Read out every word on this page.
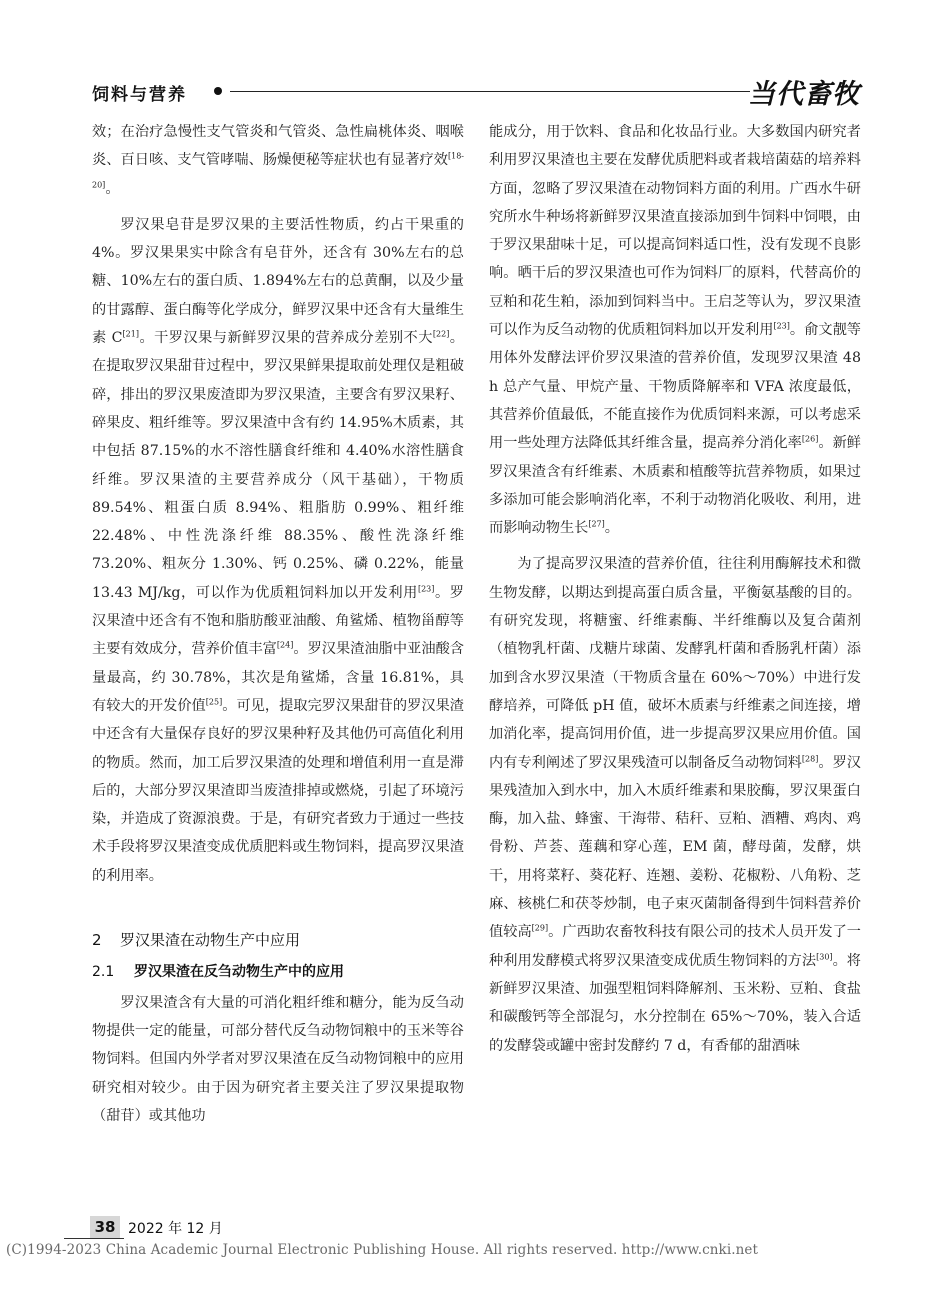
饲料与营养	当代畜牧

效；在治疗急慢性支气管炎和气管炎、急性扁桃体炎、咽喉炎、百日咳、支气管哮喘、肠燥便秘等症状也有显著疗效[18-20]。

罗汉果皂苷是罗汉果的主要活性物质，约占干果重的 4%。罗汉果果实中除含有皂苷外，还含有 30%左右的总糖、10%左右的蛋白质、1.894%左右的总黄酮，以及少量的甘露醇、蛋白酶等化学成分，鲜罗汉果中还含有大量维生素 C[21]。干罗汉果与新鲜罗汉果的营养成分差别不大[22]。在提取罗汉果甜苷过程中，罗汉果鲜果提取前处理仅是粗破碎，排出的罗汉果废渣即为罗汉果渣，主要含有罗汉果籽、碎果皮、粗纤维等。罗汉果渣中含有约 14.95%木质素，其中包括 87.15%的水不溶性膳食纤维和 4.40%水溶性膳食纤维。罗汉果渣的主要营养成分（风干基础），干物质 89.54%、粗蛋白质 8.94%、粗脂肪 0.99%、粗纤维 22.48%、中性洗涤纤维 88.35%、酸性洗涤纤维 73.20%、粗灰分 1.30%、钙 0.25%、磷 0.22%，能量 13.43 MJ/kg，可以作为优质粗饲料加以开发利用[23]。罗汉果渣中还含有不饱和脂肪酸亚油酸、角鲨烯、植物甾醇等主要有效成分，营养价值丰富[24]。罗汉果渣油脂中亚油酸含量最高，约 30.78%，其次是角鲨烯，含量 16.81%，具有较大的开发价值[25]。可见，提取完罗汉果甜苷的罗汉果渣中还含有大量保存良好的罗汉果种籽及其他仍可高值化利用的物质。然而，加工后罗汉果渣的处理和增值利用一直是滞后的，大部分罗汉果渣即当废渣排掉或燃烧，引起了环境污染，并造成了资源浪费。于是，有研究者致力于通过一些技术手段将罗汉果渣变成优质肥料或生物饲料，提高罗汉果渣的利用率。

2 罗汉果渣在动物生产中应用
2.1 罗汉果渣在反刍动物生产中的应用

罗汉果渣含有大量的可消化粗纤维和糖分，能为反刍动物提供一定的能量，可部分替代反刍动物饲粮中的玉米等谷物饲料。但国内外学者对罗汉果渣在反刍动物饲粮中的应用研究相对较少。由于因为研究者主要关注了罗汉果提取物（甜苷）或其他功

能成分，用于饮料、食品和化妆品行业。大多数国内研究者利用罗汉果渣也主要在发酵优质肥料或者栽培菌菇的培养料方面，忽略了罗汉果渣在动物饲料方面的利用。广西水牛研究所水牛种场将新鲜罗汉果渣直接添加到牛饲料中饲喂，由于罗汉果甜味十足，可以提高饲料适口性，没有发现不良影响。晒干后的罗汉果渣也可作为饲料厂的原料，代替高价的豆粕和花生粕，添加到饲料当中。王启芝等认为，罗汉果渣可以作为反刍动物的优质粗饲料加以开发利用[23]。俞文靓等用体外发酵法评价罗汉果渣的营养价值，发现罗汉果渣 48 h 总产气量、甲烷产量、干物质降解率和 VFA 浓度最低，其营养价值最低，不能直接作为优质饲料来源，可以考虑采用一些处理方法降低其纤维含量，提高养分消化率[26]。新鲜罗汉果渣含有纤维素、木质素和植酸等抗营养物质，如果过多添加可能会影响消化率，不利于动物消化吸收、利用，进而影响动物生长[27]。

为了提高罗汉果渣的营养价值，往往利用酶解技术和微生物发酵，以期达到提高蛋白质含量，平衡氨基酸的目的。有研究发现，将糖蜜、纤维素酶、半纤维酶以及复合菌剂（植物乳杆菌、戊糖片球菌、发酵乳杆菌和香肠乳杆菌）添加到含水罗汉果渣（干物质含量在 60%～70%）中进行发酵培养，可降低 pH 值，破坏木质素与纤维素之间连接，增加消化率，提高饲用价值，进一步提高罗汉果应用价值。国内有专利阐述了罗汉果残渣可以制备反刍动物饲料[28]。罗汉果残渣加入到水中，加入木质纤维素和果胶酶，罗汉果蛋白酶，加入盐、蜂蜜、干海带、秸秆、豆粕、酒糟、鸡肉、鸡骨粉、芦荟、莲藕和穿心莲，EM 菌，酵母菌，发酵，烘干，用将菜籽、葵花籽、连翘、姜粉、花椒粉、八角粉、芝麻、核桃仁和茯苓炒制，电子束灭菌制备得到牛饲料营养价值较高[29]。广西助农畜牧科技有限公司的技术人员开发了一种利用发酵模式将罗汉果渣变成优质生物饲料的方法[30]。将新鲜罗汉果渣、加强型粗饲料降解剂、玉米粉、豆粕、食盐和碳酸钙等全部混匀，水分控制在 65%～70%，装入合适的发酵袋或罐中密封发酵约 7 d，有香郁的甜酒味

38 2022 年 12 月
(C)1994-2023 China Academic Journal Electronic Publishing House. All rights reserved. http://www.cnki.net
